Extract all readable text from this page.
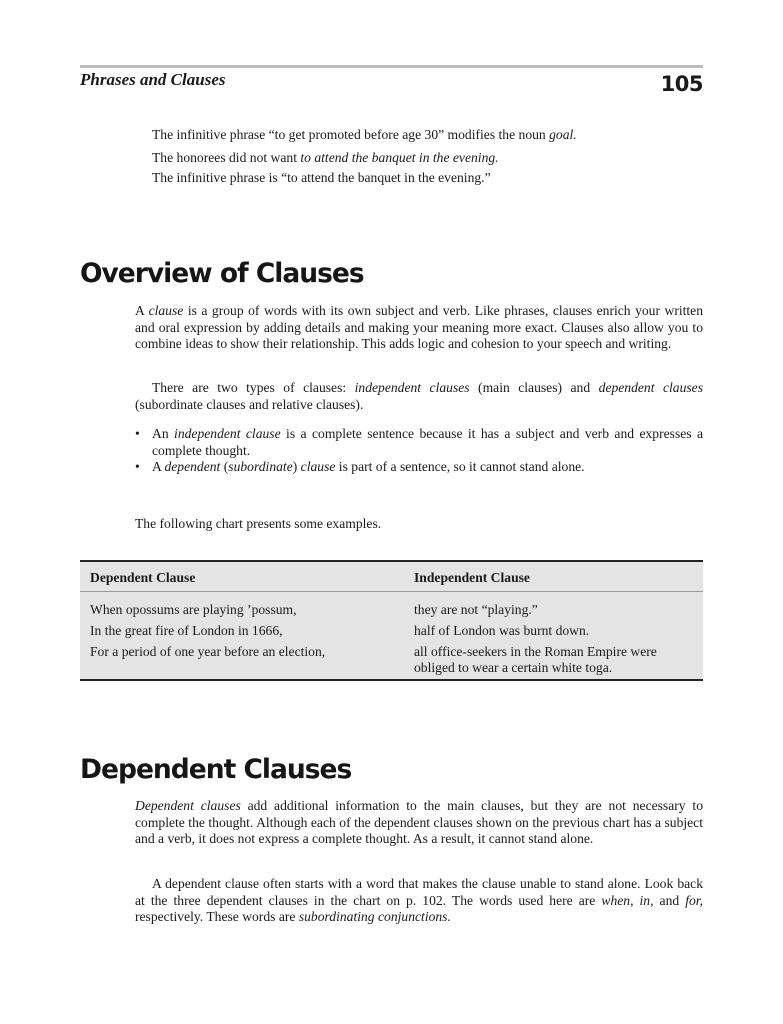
Phrases and Clauses	105
The infinitive phrase “to get promoted before age 30” modifies the noun goal.
The honorees did not want to attend the banquet in the evening.
The infinitive phrase is “to attend the banquet in the evening.”
Overview of Clauses
A clause is a group of words with its own subject and verb. Like phrases, clauses enrich your written and oral expression by adding details and making your meaning more exact. Clauses also allow you to combine ideas to show their relationship. This adds logic and cohesion to your speech and writing.
There are two types of clauses: independent clauses (main clauses) and dependent clauses (subordinate clauses and relative clauses).
• An independent clause is a complete sentence because it has a subject and verb and expresses a complete thought.
• A dependent (subordinate) clause is part of a sentence, so it cannot stand alone.
The following chart presents some examples.
Dependent Clause	Independent Clause
When opossums are playing ’possum,	they are not “playing.”
In the great fire of London in 1666,	half of London was burnt down.
For a period of one year before an election,	all office-seekers in the Roman Empire were obliged to wear a certain white toga.
Dependent Clauses
Dependent clauses add additional information to the main clauses, but they are not necessary to complete the thought. Although each of the dependent clauses shown on the previous chart has a subject and a verb, it does not express a complete thought. As a result, it cannot stand alone.
A dependent clause often starts with a word that makes the clause unable to stand alone. Look back at the three dependent clauses in the chart on p. 102. The words used here are when, in, and for, respectively. These words are subordinating conjunctions.
